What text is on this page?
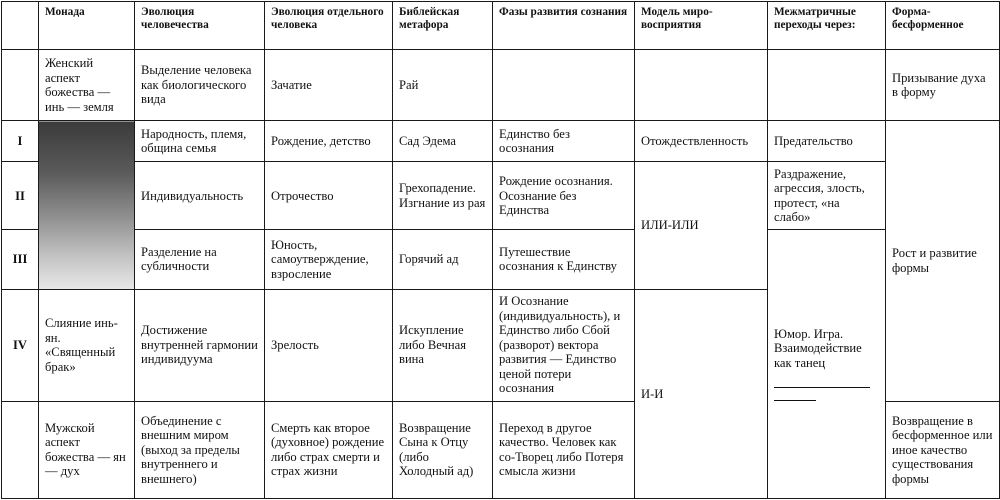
	Монада	Эволюция человечества	Эволюция отдельного человека	Библейская метафора	Фазы развития сознания	Модель миро-восприятия	Межматричные переходы через:	Форма-бесформенное
	Женский аспект божества — инь — земля	Выделение человека как биологического вида	Зачатие	Рай				Призывание духа в форму
I		Народность, племя, община семья	Рождение, детство	Сад Эдема	Единство без осознания	Отождествленность	Предательство	Рост и развитие формы
II		Индивидуальность	Отрочество	Грехопадение. Изгнание из рая	Рождение осознания. Осознание без Единства	ИЛИ-ИЛИ	Раздражение, агрессия, злость, протест, «на слабо»	
III		Разделение на субличности	Юность, самоутверждение, взросление	Горячий ад	Путешествие осознания к Единству		Юмор. Игра. Взаимодействие как танец	

IV	Слияние инь-ян. «Священный брак»	Достижение внутренней гармонии индивидуума	Зрелость	Искупление либо Вечная вина	И Осознание (индивидуальность), и Единство либо Сбой (разворот) вектора развития — Единство ценой потери осознания	И-И		
	Мужской аспект божества — ян — дух	Объединение с внешним миром (выход за пределы внутреннего и внешнего)	Смерть как второе (духовное) рождение либо страх смерти и страх жизни	Возвращение Сына к Отцу (либо Холодный ад)	Переход в другое качество. Человек как со-Творец либо Потеря смысла жизни			Возвращение в бесформенное или иное качество существования формы
